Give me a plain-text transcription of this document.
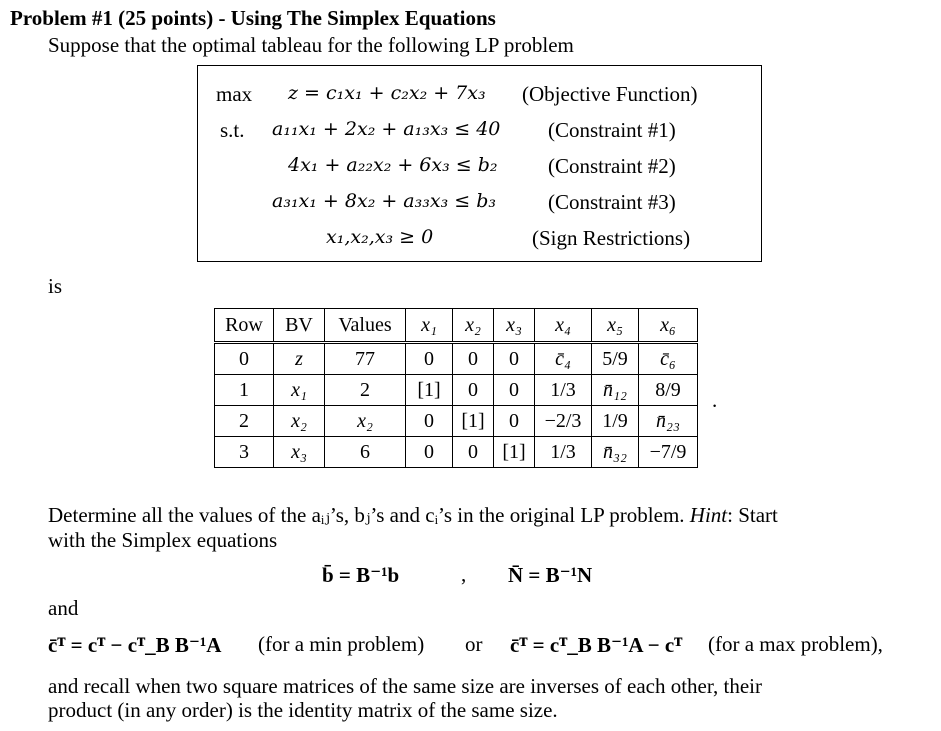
Problem #1 (25 points) - Using The Simplex Equations
Suppose that the optimal tableau for the following LP problem
max z = c₁x₁ + c₂x₂ + 7x₃ (Objective Function)
s.t. a₁₁x₁ + 2x₂ + a₁₃x₃ ≤ 40 (Constraint #1)
4x₁ + a₂₂x₂ + 6x₃ ≤ b₂ (Constraint #2)
a₃₁x₁ + 8x₂ + a₃₃x₃ ≤ b₃ (Constraint #3)
x₁,x₂,x₃ ≥ 0	(Sign Restrictions)
is
Row	BV	Values	x₁	x₂	x₃	x₄	x₅	x₆
0	z	77	0	0	0	c̄₄	5/9	c̄₆
1	x₁	2	[1]	0	0	1/3	n̄₁₂	8/9
2	x₂	x₂	0	[1]	0	−2/3	1/9	n̄₂₃
3	x₃	6	0	0	[1]	1/3	n̄₃₂	−7/9
.
Determine all the values of the aᵢⱼ’s, bⱼ’s and cᵢ’s in the original LP problem. Hint: Start
with the Simplex equations
b̄ = B⁻¹b	, N̄ = B⁻¹N
and
c̄ᵀ = cᵀ − cᵀ_B B⁻¹A (for a min problem) or c̄ᵀ = cᵀ_B B⁻¹A − cᵀ (for a max problem),
and recall when two square matrices of the same size are inverses of each other, their
product (in any order) is the identity matrix of the same size.
